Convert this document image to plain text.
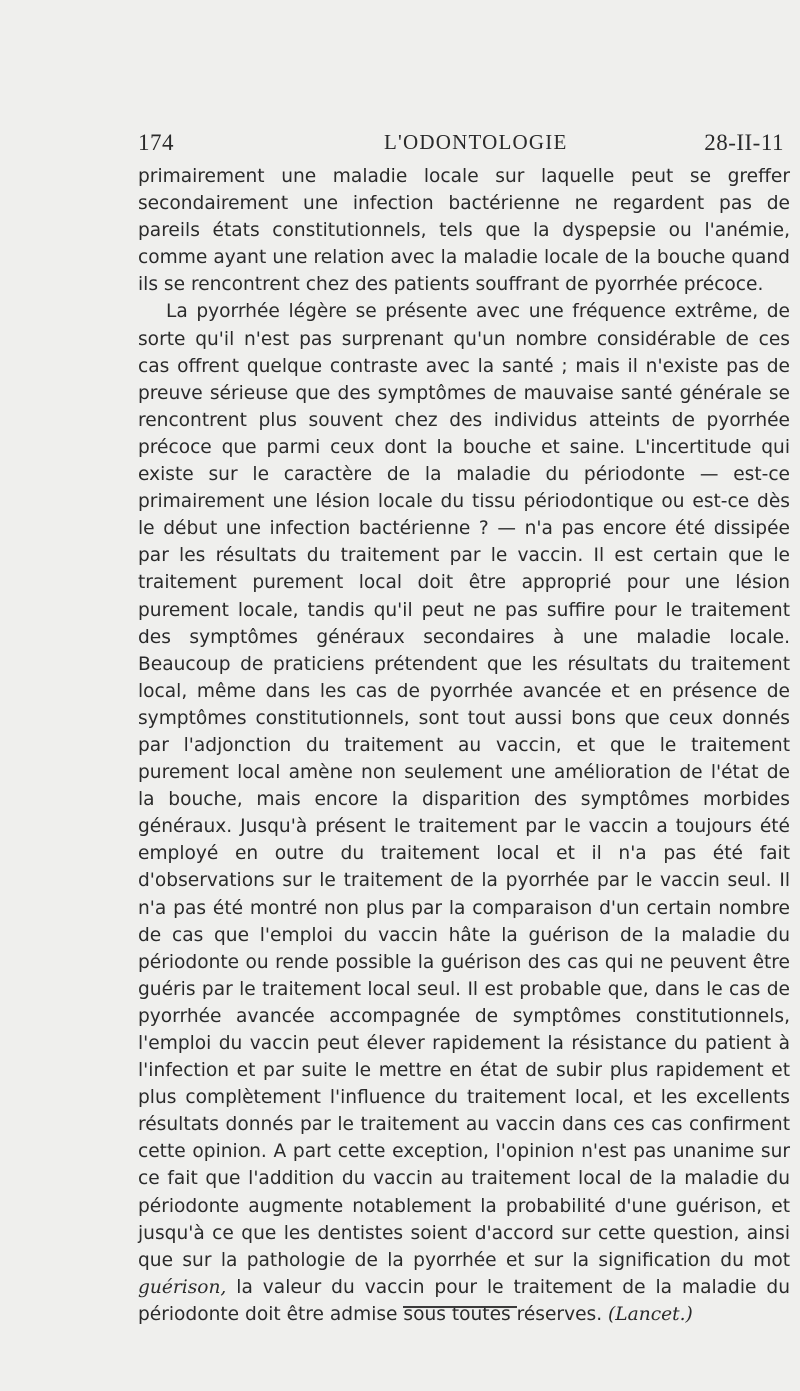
174	L'ODONTOLOGIE	28-II-11

primairement une maladie locale sur laquelle peut se greffer secondairement une infection bactérienne ne regardent pas de pareils états constitutionnels, tels que la dyspepsie ou l'anémie, comme ayant une relation avec la maladie locale de la bouche quand ils se rencontrent chez des patients souffrant de pyorrhée précoce.

La pyorrhée légère se présente avec une fréquence extrême, de sorte qu'il n'est pas surprenant qu'un nombre considérable de ces cas offrent quelque contraste avec la santé ; mais il n'existe pas de preuve sérieuse que des symptômes de mauvaise santé générale se rencontrent plus souvent chez des individus atteints de pyorrhée précoce que parmi ceux dont la bouche et saine. L'incertitude qui existe sur le caractère de la maladie du périodonte — est-ce primairement une lésion locale du tissu périodontique ou est-ce dès le début une infection bactérienne ? — n'a pas encore été dissipée par les résultats du traitement par le vaccin. Il est certain que le traitement purement local doit être approprié pour une lésion purement locale, tandis qu'il peut ne pas suffire pour le traitement des symptômes généraux secondaires à une maladie locale. Beaucoup de praticiens prétendent que les résultats du traitement local, même dans les cas de pyorrhée avancée et en présence de symptômes constitutionnels, sont tout aussi bons que ceux donnés par l'adjonction du traitement au vaccin, et que le traitement purement local amène non seulement une amélioration de l'état de la bouche, mais encore la disparition des symptômes morbides généraux. Jusqu'à présent le traitement par le vaccin a toujours été employé en outre du traitement local et il n'a pas été fait d'observations sur le traitement de la pyorrhée par le vaccin seul. Il n'a pas été montré non plus par la comparaison d'un certain nombre de cas que l'emploi du vaccin hâte la guérison de la maladie du périodonte ou rende possible la guérison des cas qui ne peuvent être guéris par le traitement local seul. Il est probable que, dans le cas de pyorrhée avancée accompagnée de symptômes constitutionnels, l'emploi du vaccin peut élever rapidement la résistance du patient à l'infection et par suite le mettre en état de subir plus rapidement et plus complètement l'influence du traitement local, et les excellents résultats donnés par le traitement au vaccin dans ces cas confirment cette opinion. A part cette exception, l'opinion n'est pas unanime sur ce fait que l'addition du vaccin au traitement local de la maladie du périodonte augmente notablement la probabilité d'une guérison, et jusqu'à ce que les dentistes soient d'accord sur cette question, ainsi que sur la pathologie de la pyorrhée et sur la signification du mot guérison, la valeur du vaccin pour le traitement de la maladie du périodonte doit être admise sous toutes réserves. (Lancet.)
